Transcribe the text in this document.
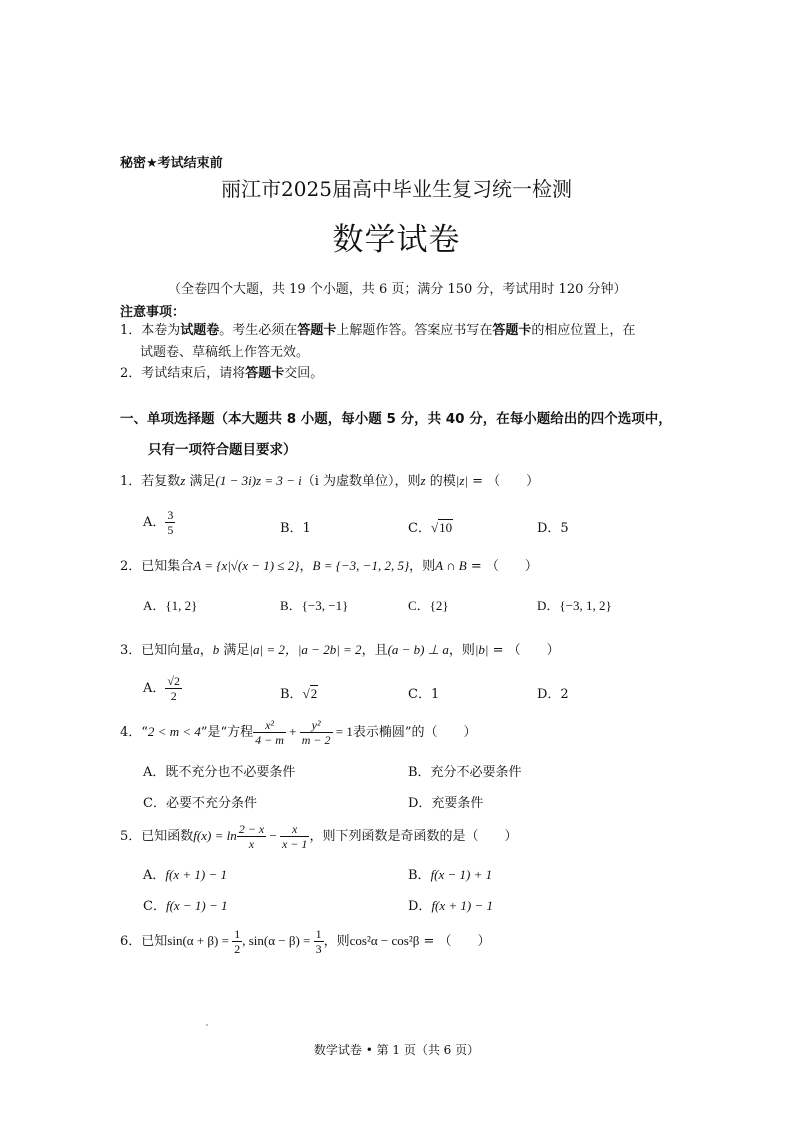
秘密★考试结束前
丽江市2025届高中毕业生复习统一检测
数学试卷
（全卷四个大题，共 19 个小题，共 6 页；满分 150 分，考试用时 120 分钟）
注意事项：
1．本卷为试题卷。考生必须在答题卡上解题作答。答案应书写在答题卡的相应位置上，在
试题卷、草稿纸上作答无效。
2．考试结束后，请将答题卡交回。
一、单项选择题（本大题共 8 小题，每小题 5 分，共 40 分，在每小题给出的四个选项中，
只有一项符合题目要求）
1．若复数z 满足(1 − 3i)z = 3 − i（i 为虚数单位），则z 的模|z| = （　　）
A． $\frac{3}{5}$	B．1	C．√10	D．5
2．已知集合A = {x|√(x − 1) ≤ 2}，B = {−3, −1, 2, 5}，则A ∩ B = （　　）
A．{1, 2}	B．{−3, −1}	C．{2}	D．{−3, 1, 2}
3．已知向量a，b 满足|a| = 2，|a − 2b| = 2，且(a − b) ⊥ a，则|b| = （　　）
A． $\frac{√2}{2}$	B．√2	C．1	D．2
4．“2 < m < 4”是“方程 $\frac{\text{x²}}{4 - m} + \frac{\text{y²}}{m - 2} = 1$表示椭圆”的（　　）
A．既不充分也不必要条件	B．充分不必要条件
C．必要不充分条件	D．充要条件
5．已知函数$f(x) = \ln \frac{2 - x}{x} - \frac{x}{x - 1}$ ，则下列函数是奇函数的是（　　）
A．f(x + 1) − 1	B．f(x − 1) + 1
C．f(x − 1) − 1	D．f(x + 1) − 1
6．已知$\sin(\alpha + \beta) = \frac{1}{2}$ , $\sin(\alpha - \beta) = \frac{1}{3}$ ，则cos²α − cos²β = （　　）
数学试卷 • 第 1 页（共 6 页）
